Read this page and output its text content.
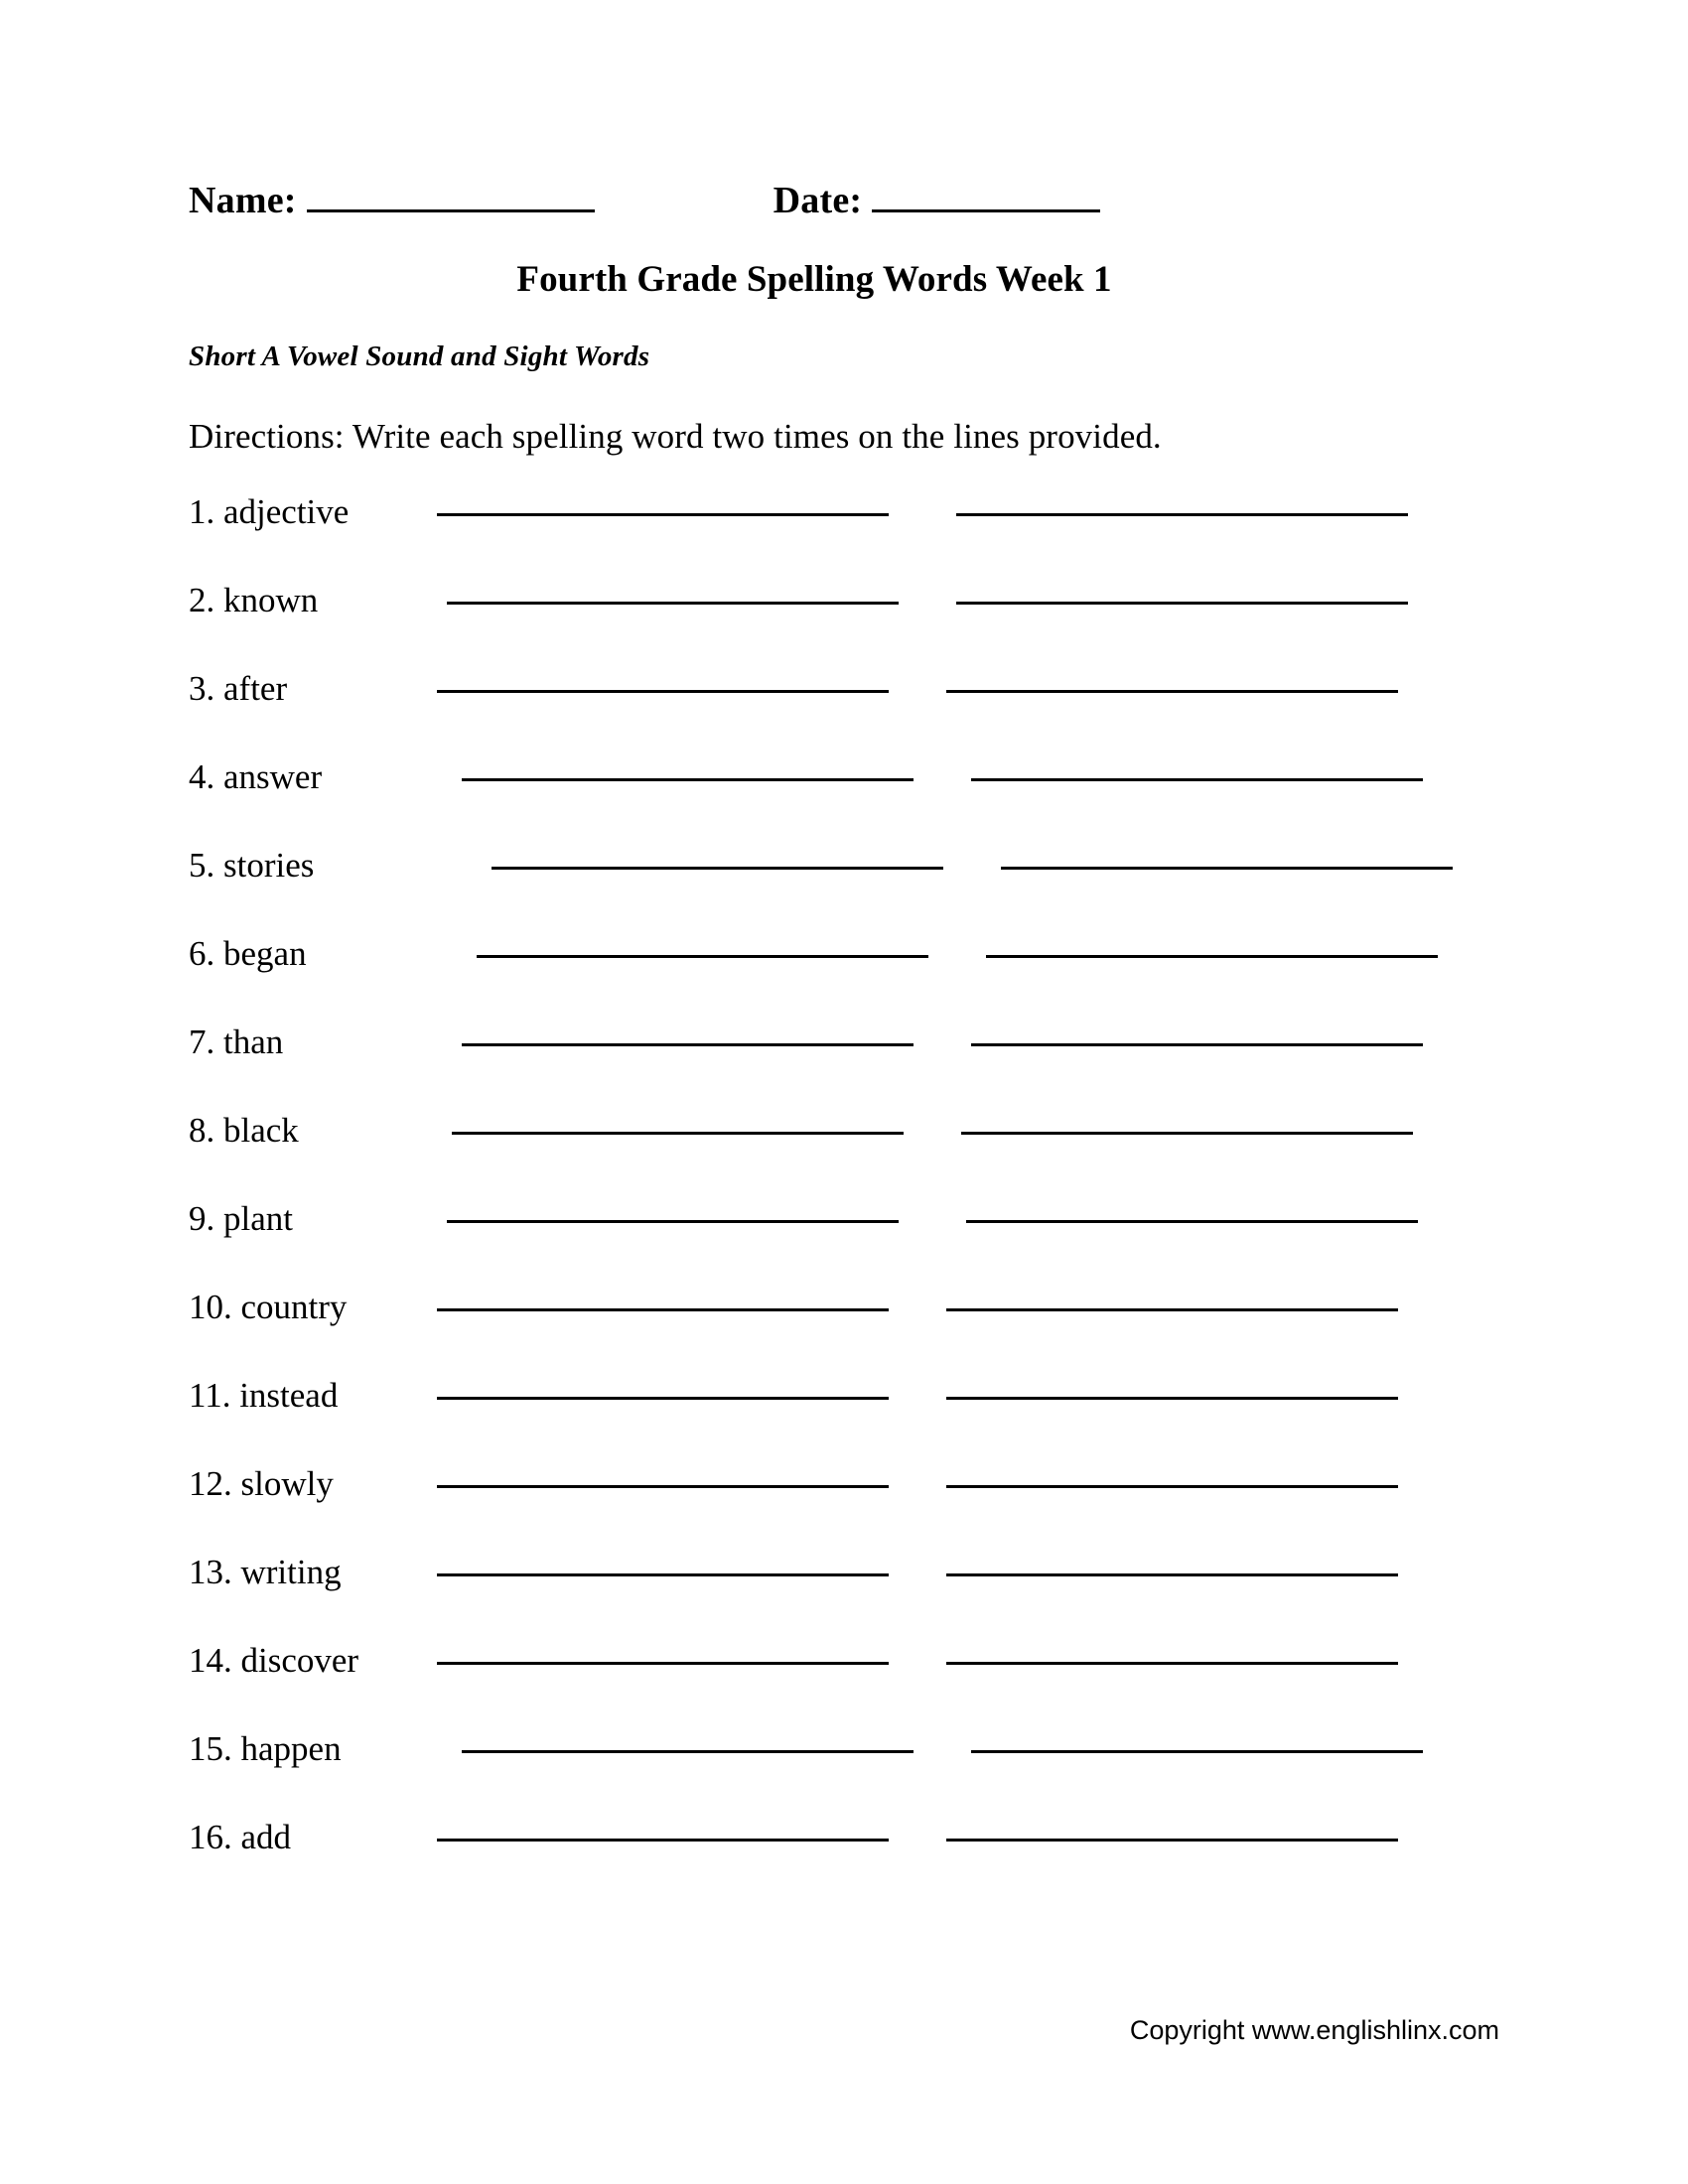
Name:	Date:
Fourth Grade Spelling Words Week 1
Short A Vowel Sound and Sight Words
Directions: Write each spelling word two times on the lines provided.
1. adjective
2. known
3. after
4. answer
5. stories
6. began
7. than
8. black
9. plant
10. country
11. instead
12. slowly
13. writing
14. discover
15. happen
16. add
Copyright www.englishlinx.com
